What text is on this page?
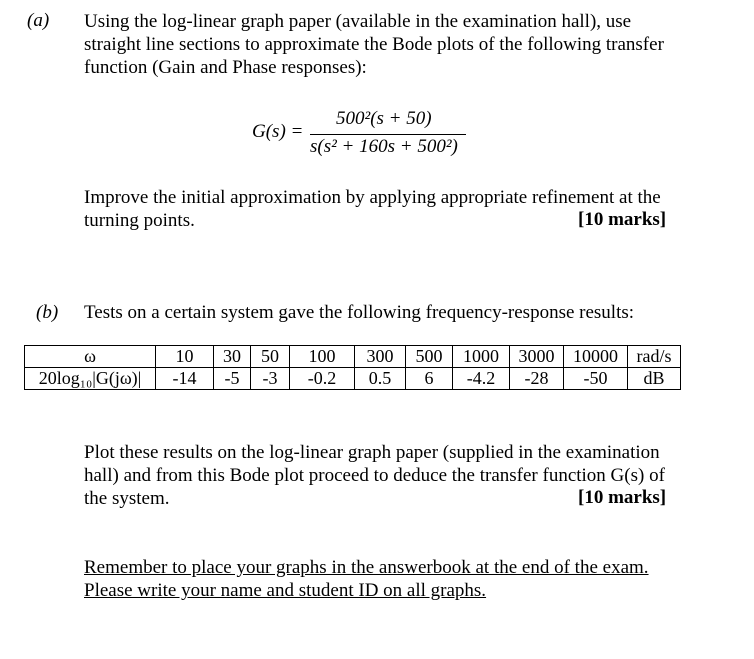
(a) Using the log-linear graph paper (available in the examination hall), use
straight line sections to approximate the Bode plots of the following transfer
function (Gain and Phase responses):
G(s) =
500²(s + 50)
s(s² + 160s + 500²)
Improve the initial approximation by applying appropriate refinement at the
turning points.	[10 marks]
(b) Tests on a certain system gave the following frequency-response results:
ω	10	30	50	100	300	500	1000	3000	10000	rad/s
20log₁₀|G(jω)|	-14	-5	-3	-0.2	0.5	6	-4.2	-28	-50	dB
Plot these results on the log-linear graph paper (supplied in the examination
hall) and from this Bode plot proceed to deduce the transfer function G(s) of
the system.	[10 marks]
Remember to place your graphs in the answerbook at the end of the exam.
Please write your name and student ID on all graphs.
